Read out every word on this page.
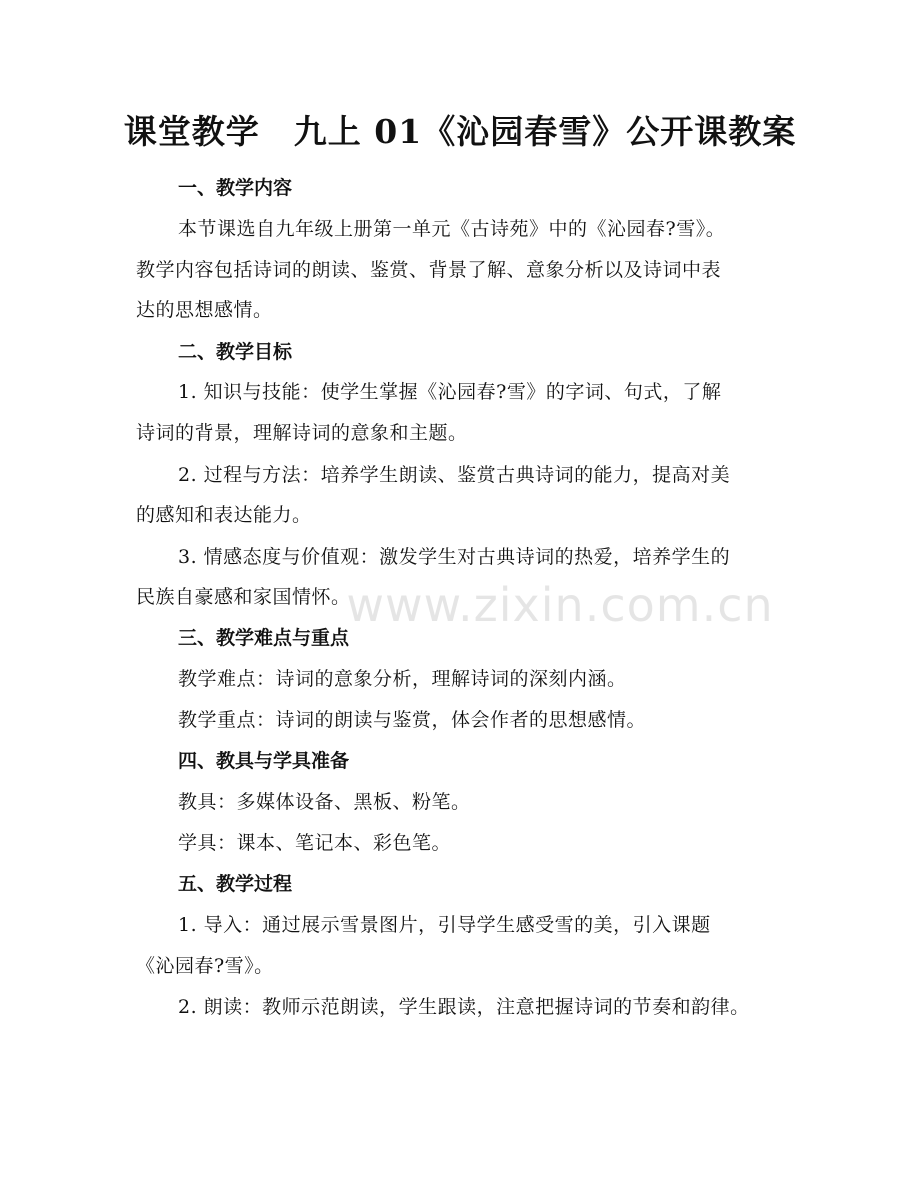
课堂教学　九上 01《沁园春雪》公开课教案
一、教学内容
本节课选自九年级上册第一单元《古诗苑》中的《沁园春?雪》。
教学内容包括诗词的朗读、鉴赏、背景了解、意象分析以及诗词中表
达的思想感情。
二、教学目标
1. 知识与技能：使学生掌握《沁园春?雪》的字词、句式，了解
诗词的背景，理解诗词的意象和主题。
2. 过程与方法：培养学生朗读、鉴赏古典诗词的能力，提高对美
的感知和表达能力。
3. 情感态度与价值观：激发学生对古典诗词的热爱，培养学生的
民族自豪感和家国情怀。
三、教学难点与重点
教学难点：诗词的意象分析，理解诗词的深刻内涵。
教学重点：诗词的朗读与鉴赏，体会作者的思想感情。
四、教具与学具准备
教具：多媒体设备、黑板、粉笔。
学具：课本、笔记本、彩色笔。
五、教学过程
1. 导入：通过展示雪景图片，引导学生感受雪的美，引入课题
《沁园春?雪》。
2. 朗读：教师示范朗读，学生跟读，注意把握诗词的节奏和韵律。
www.zixin.com.cn
